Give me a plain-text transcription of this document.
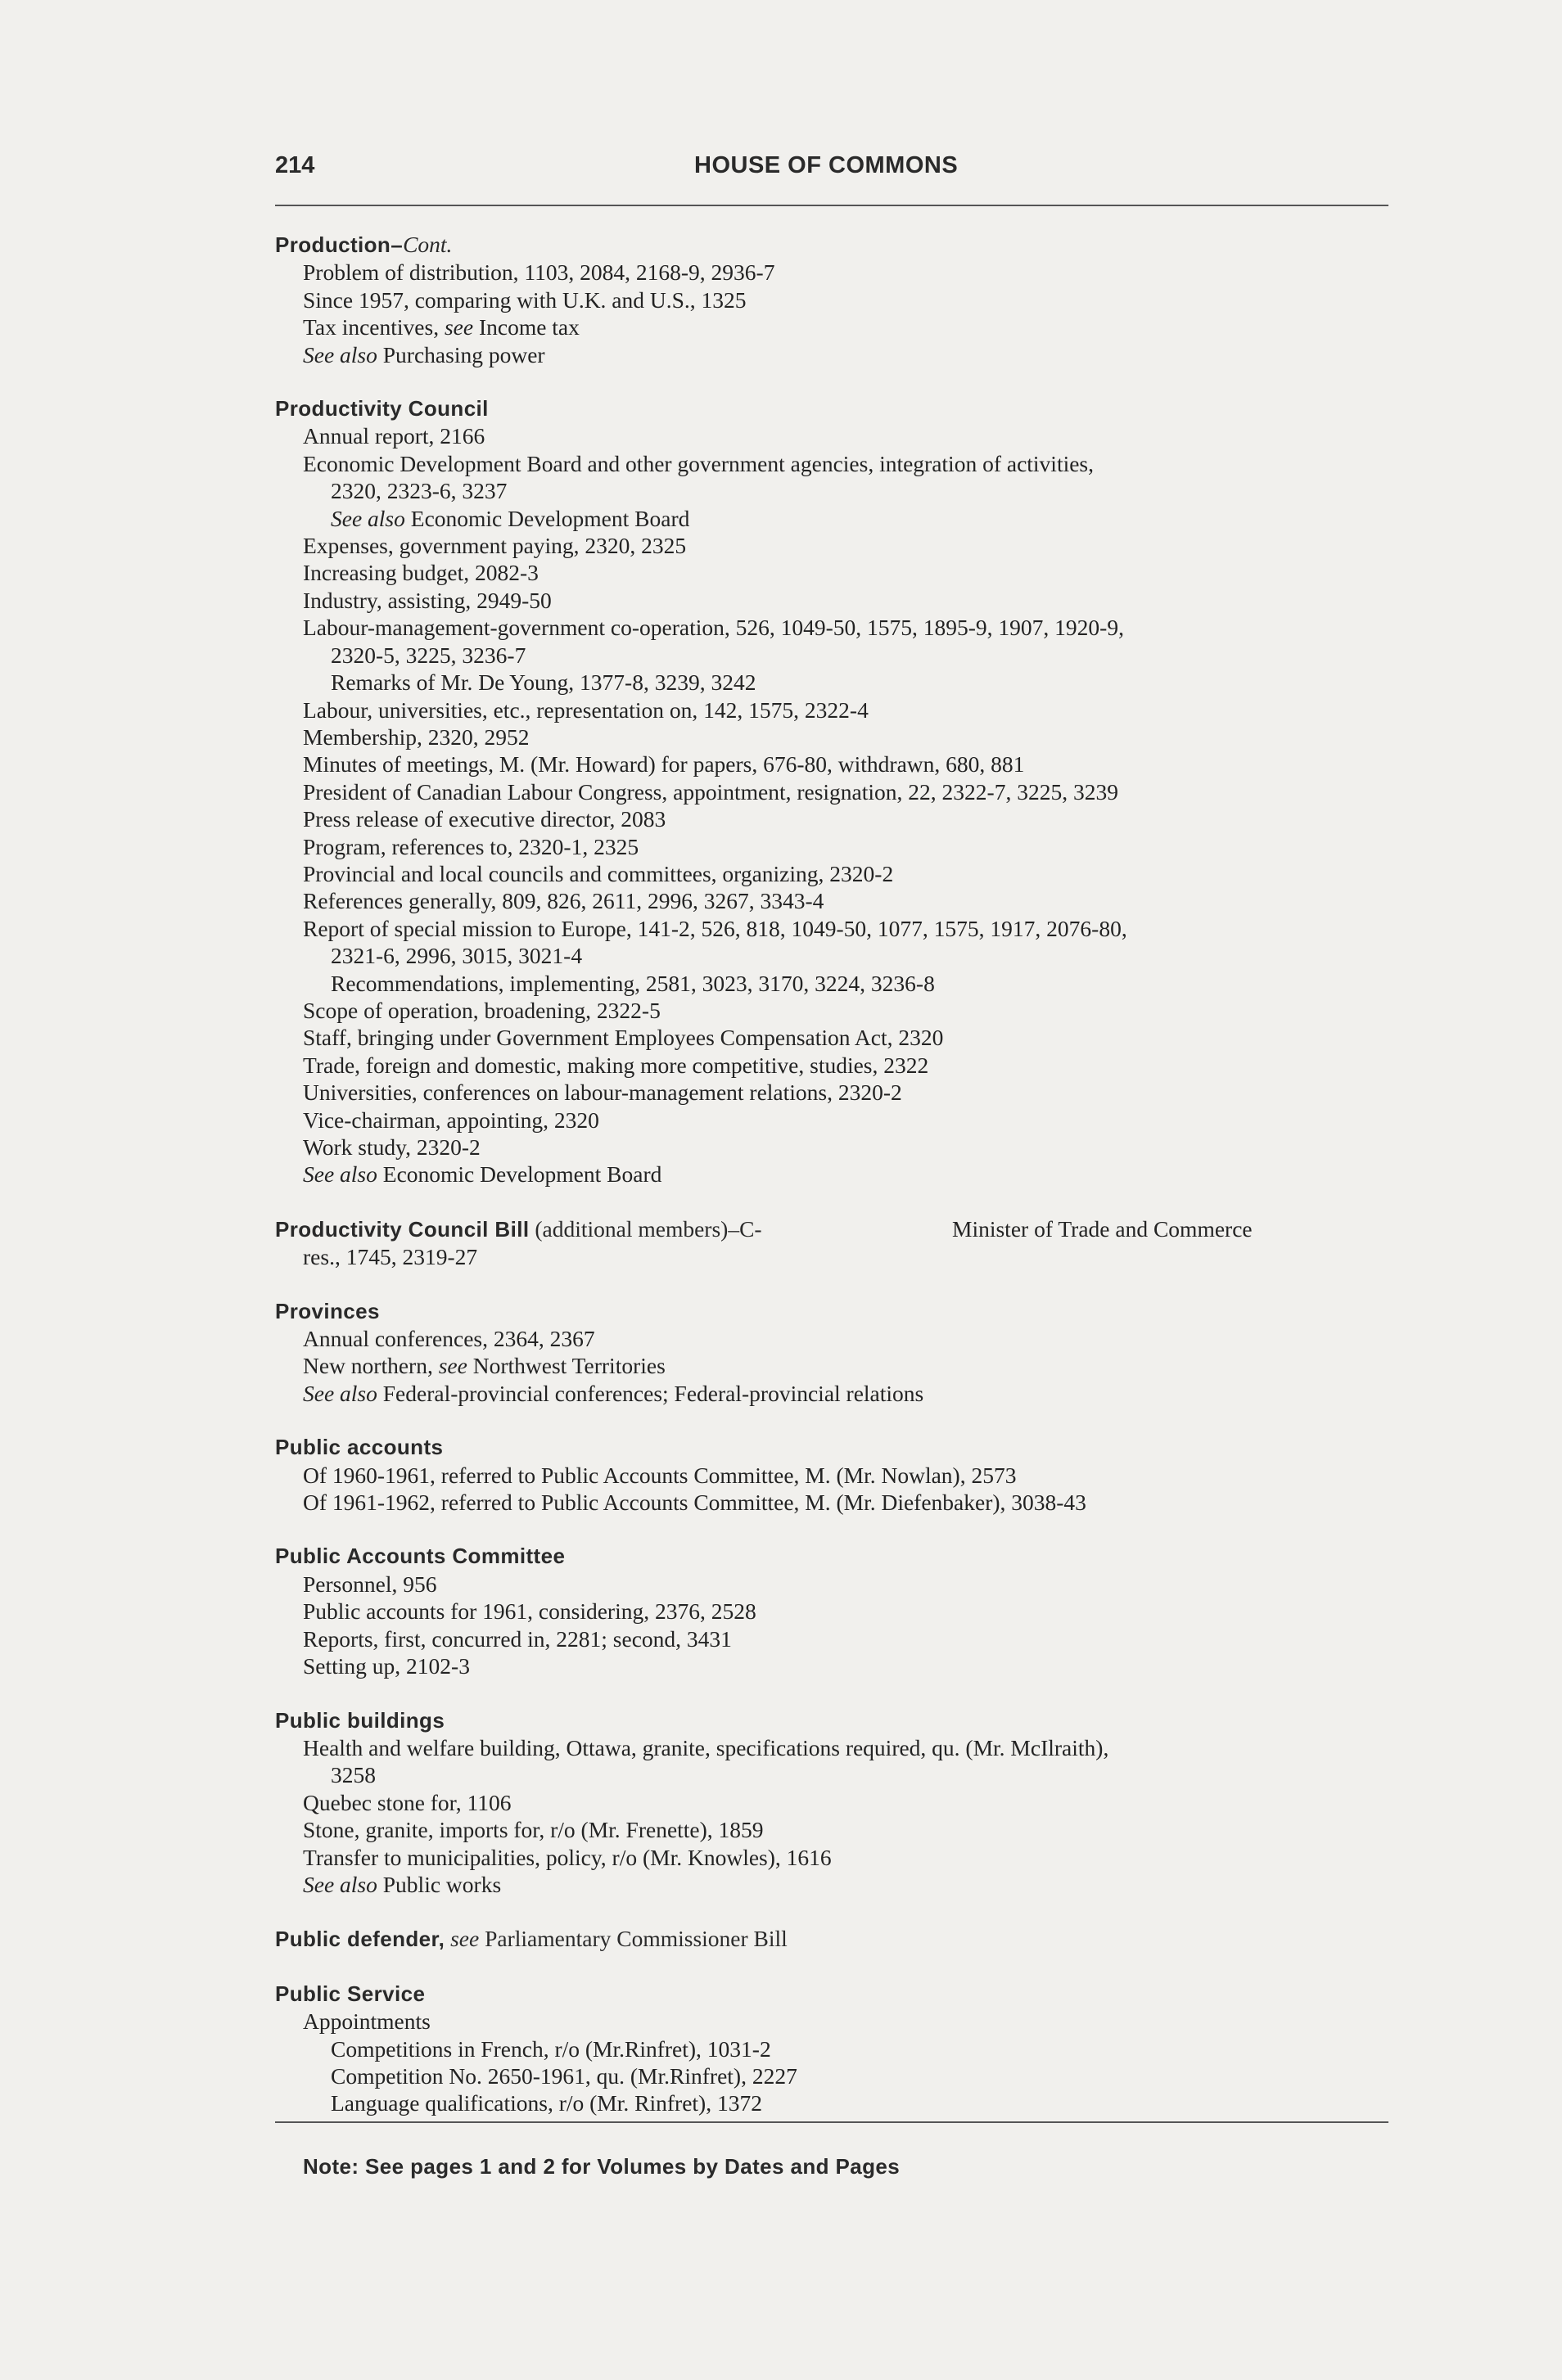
214	HOUSE OF COMMONS
Production–Cont.
Problem of distribution, 1103, 2084, 2168-9, 2936-7
Since 1957, comparing with U.K. and U.S., 1325
Tax incentives, see Income tax
See also Purchasing power
Productivity Council
Annual report, 2166
Economic Development Board and other government agencies, integration of activities,
2320, 2323-6, 3237
See also Economic Development Board
Expenses, government paying, 2320, 2325
Increasing budget, 2082-3
Industry, assisting, 2949-50
Labour-management-government co-operation, 526, 1049-50, 1575, 1895-9, 1907, 1920-9,
2320-5, 3225, 3236-7
Remarks of Mr. De Young, 1377-8, 3239, 3242
Labour, universities, etc., representation on, 142, 1575, 2322-4
Membership, 2320, 2952
Minutes of meetings, M. (Mr. Howard) for papers, 676-80, withdrawn, 680, 881
President of Canadian Labour Congress, appointment, resignation, 22, 2322-7, 3225, 3239
Press release of executive director, 2083
Program, references to, 2320-1, 2325
Provincial and local councils and committees, organizing, 2320-2
References generally, 809, 826, 2611, 2996, 3267, 3343-4
Report of special mission to Europe, 141-2, 526, 818, 1049-50, 1077, 1575, 1917, 2076-80,
2321-6, 2996, 3015, 3021-4
Recommendations, implementing, 2581, 3023, 3170, 3224, 3236-8
Scope of operation, broadening, 2322-5
Staff, bringing under Government Employees Compensation Act, 2320
Trade, foreign and domestic, making more competitive, studies, 2322
Universities, conferences on labour-management relations, 2320-2
Vice-chairman, appointing, 2320
Work study, 2320-2
See also Economic Development Board
Productivity Council Bill (additional members)–C-	Minister of Trade and Commerce
res., 1745, 2319-27
Provinces
Annual conferences, 2364, 2367
New northern, see Northwest Territories
See also Federal-provincial conferences; Federal-provincial relations
Public accounts
Of 1960-1961, referred to Public Accounts Committee, M. (Mr. Nowlan), 2573
Of 1961-1962, referred to Public Accounts Committee, M. (Mr. Diefenbaker), 3038-43
Public Accounts Committee
Personnel, 956
Public accounts for 1961, considering, 2376, 2528
Reports, first, concurred in, 2281; second, 3431
Setting up, 2102-3
Public buildings
Health and welfare building, Ottawa, granite, specifications required, qu. (Mr. McIlraith),
3258
Quebec stone for, 1106
Stone, granite, imports for, r/o (Mr. Frenette), 1859
Transfer to municipalities, policy, r/o (Mr. Knowles), 1616
See also Public works
Public defender, see Parliamentary Commissioner Bill
Public Service
Appointments
Competitions in French, r/o (Mr.Rinfret), 1031-2
Competition No. 2650-1961, qu. (Mr.Rinfret), 2227
Language qualifications, r/o (Mr. Rinfret), 1372
Note: See pages 1 and 2 for Volumes by Dates and Pages
